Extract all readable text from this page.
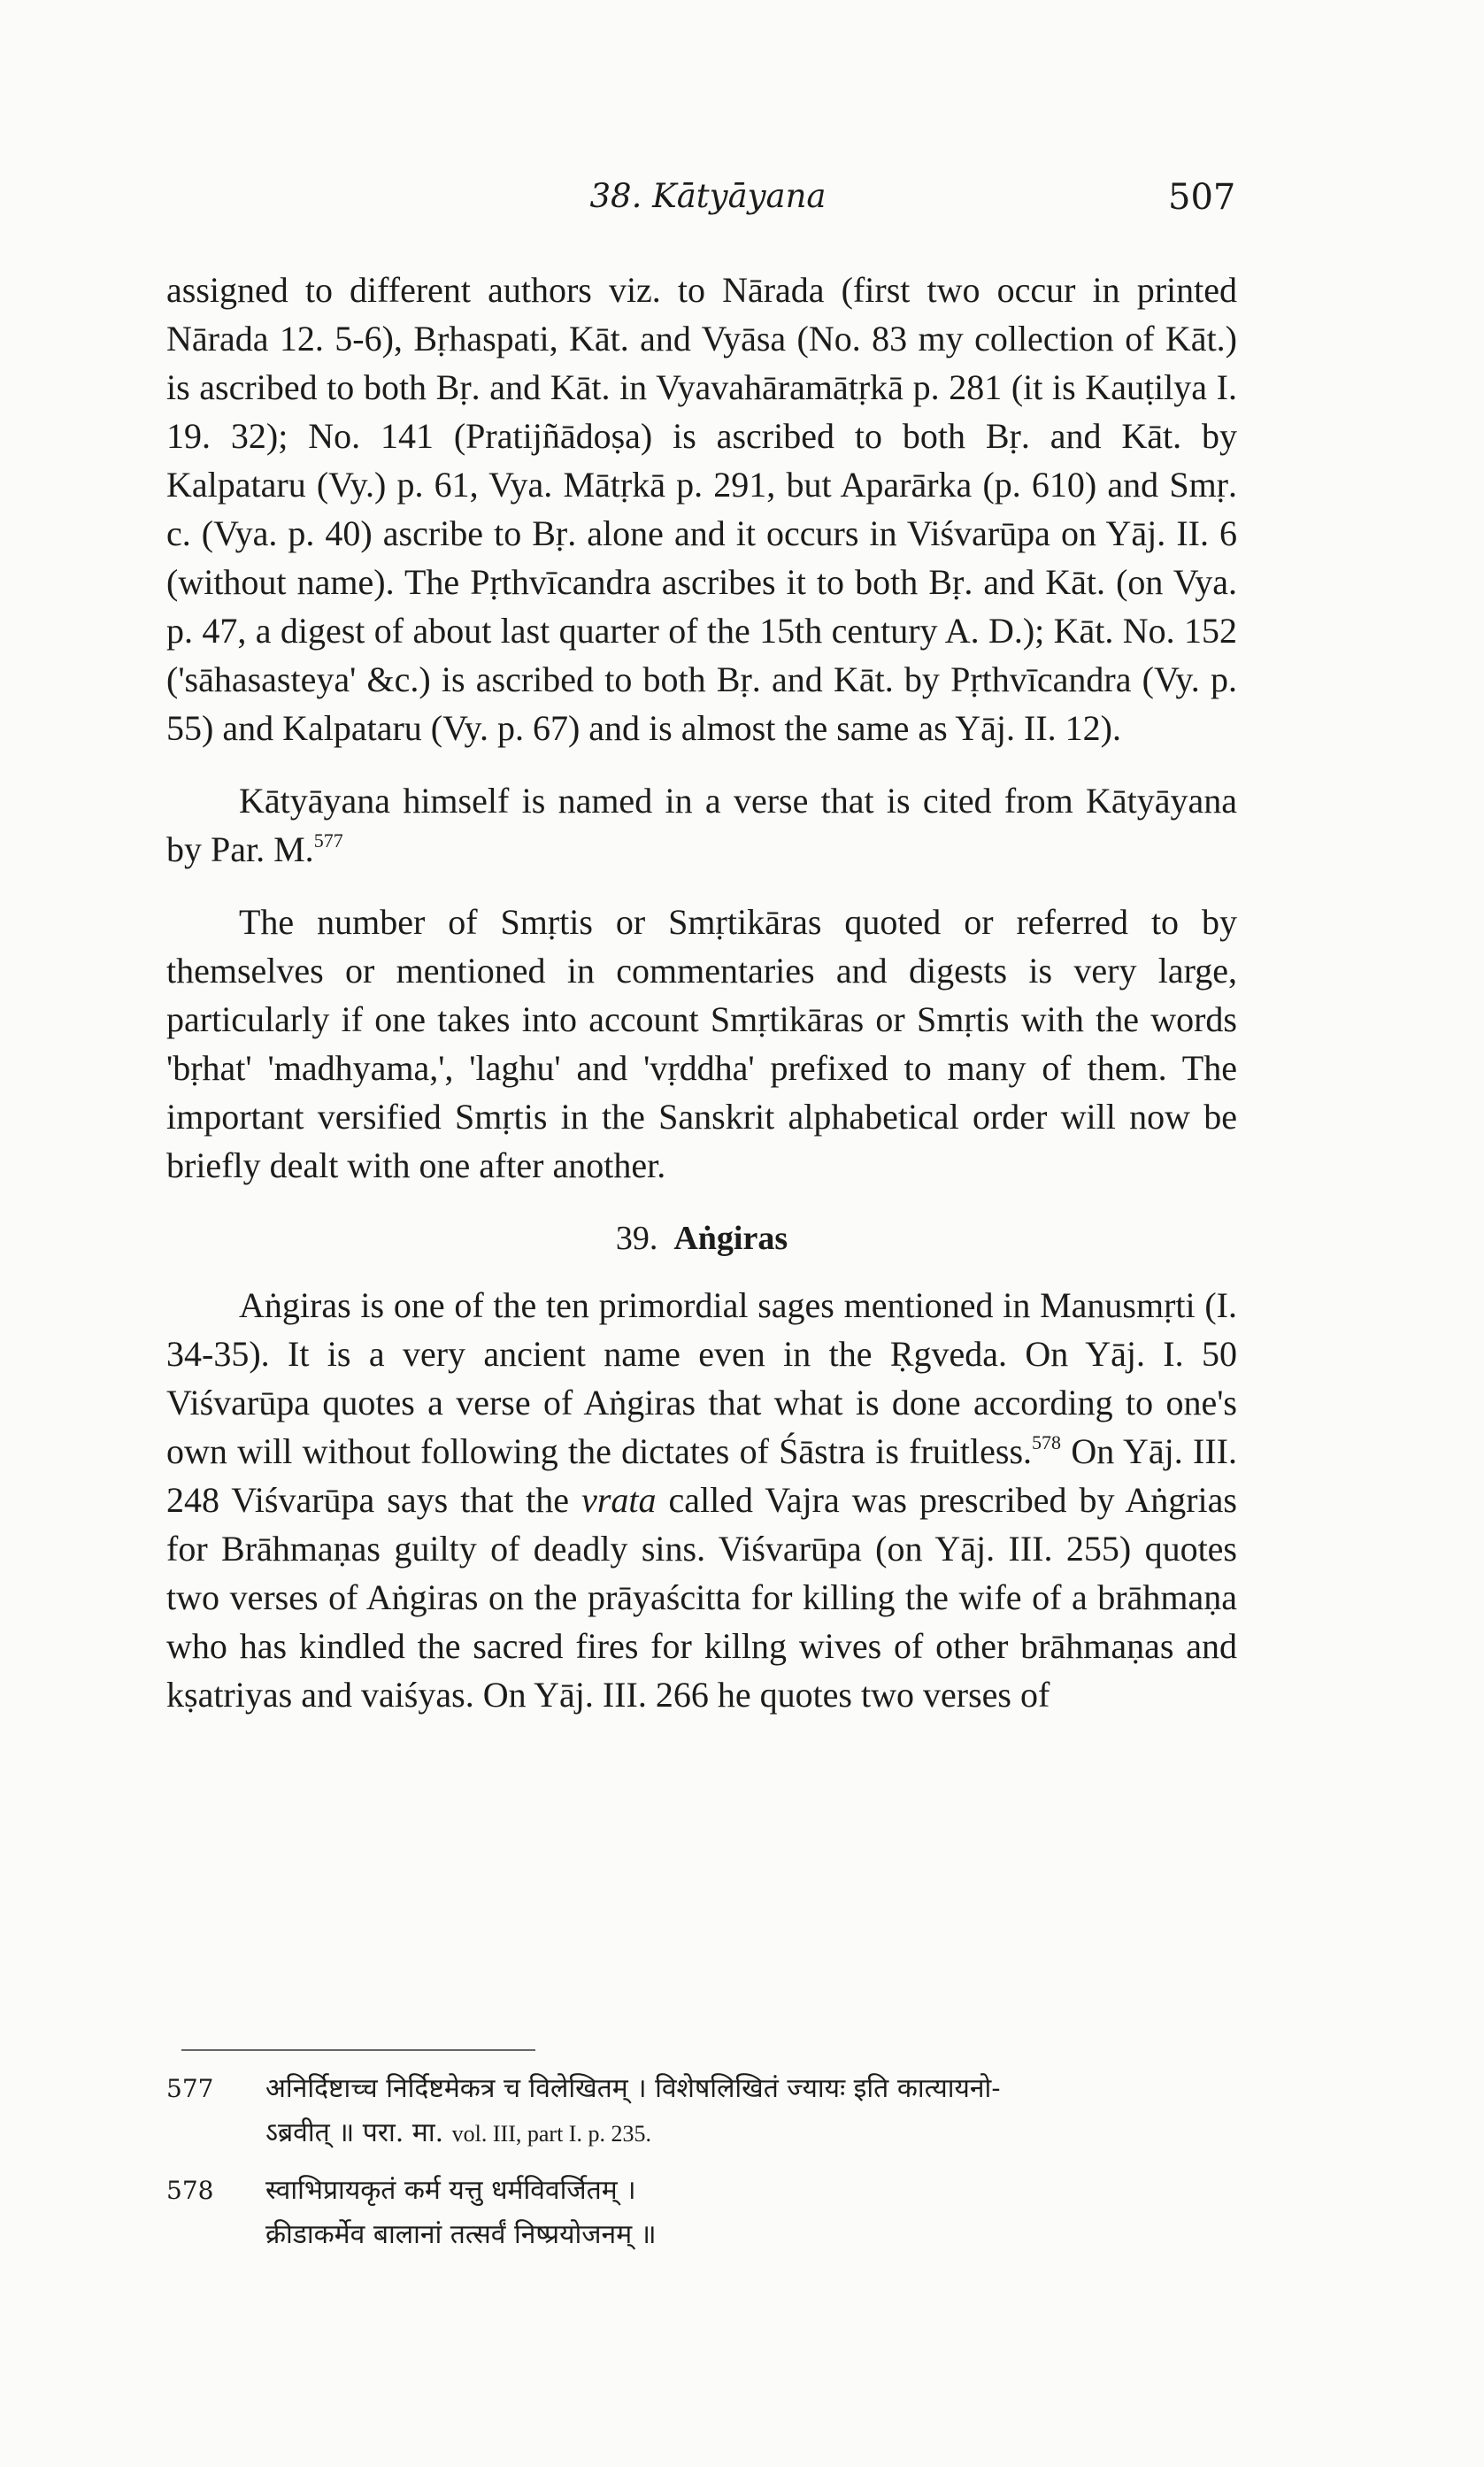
38. Kātyāyana	507

assigned to different authors viz. to Nārada (first two occur in printed Nārada 12. 5-6), Bṛhaspati, Kāt. and Vyāsa (No. 83 my collection of Kāt.) is ascribed to both Bṛ. and Kāt. in Vyavahāramātṛkā p. 281 (it is Kauṭilya I. 19. 32); No. 141 (Pratijñādoṣa) is ascribed to both Bṛ. and Kāt. by Kalpataru (Vy.) p. 61, Vya. Mātṛkā p. 291, but Aparārka (p. 610) and Smṛ. c. (Vya. p. 40) ascribe to Bṛ. alone and it occurs in Viśvarūpa on Yāj. II. 6 (without name). The Pṛthvīcandra ascribes it to both Bṛ. and Kāt. (on Vya. p. 47, a digest of about last quarter of the 15th century A. D.); Kāt. No. 152 ('sāhasasteya' &c.) is ascribed to both Bṛ. and Kāt. by Pṛthvīcandra (Vy. p. 55) and Kalpataru (Vy. p. 67) and is almost the same as Yāj. II. 12).

Kātyāyana himself is named in a verse that is cited from Kātyāyana by Par. M.$^{577}$

The number of Smṛtis or Smṛtikāras quoted or referred to by themselves or mentioned in commentaries and digests is very large, particularly if one takes into account Smṛtikāras or Smṛtis with the words 'bṛhat' 'madhyama,', 'laghu' and 'vṛddha' prefixed to many of them. The important versified Smṛtis in the Sanskrit alphabetical order will now be briefly dealt with one after another.

39. Aṅgiras

Aṅgiras is one of the ten primordial sages mentioned in Manusmṛti (I. 34-35). It is a very ancient name even in the Ṛgveda. On Yāj. I. 50 Viśvarūpa quotes a verse of Aṅgiras that what is done according to one's own will without following the dictates of Śāstra is fruitless.$^{578}$ On Yāj. III. 248 Viśvarūpa says that the vrata called Vajra was prescribed by Aṅgrias for Brāhmaṇas guilty of deadly sins. Viśvarūpa (on Yāj. III. 255) quotes two verses of Aṅgiras on the prāyaścitta for killing the wife of a brāhmaṇa who has kindled the sacred fires for killng wives of other brāhmaṇas and kṣatriyas and vaiśyas. On Yāj. III. 266 he quotes two verses of

577	अनिर्दिष्टाच्च निर्दिष्टमेकत्र च विलेखितम् । विशेषलिखितं ज्यायः इति कात्यायनो-
ऽब्रवीत् ॥ परा. मा. vol. III, part I. p. 235.
578	स्वाभिप्रायकृतं कर्म यत्तु धर्मविवर्जितम् ।
क्रीडाकर्मेव बालानां तत्सर्वं निष्प्रयोजनम् ॥
